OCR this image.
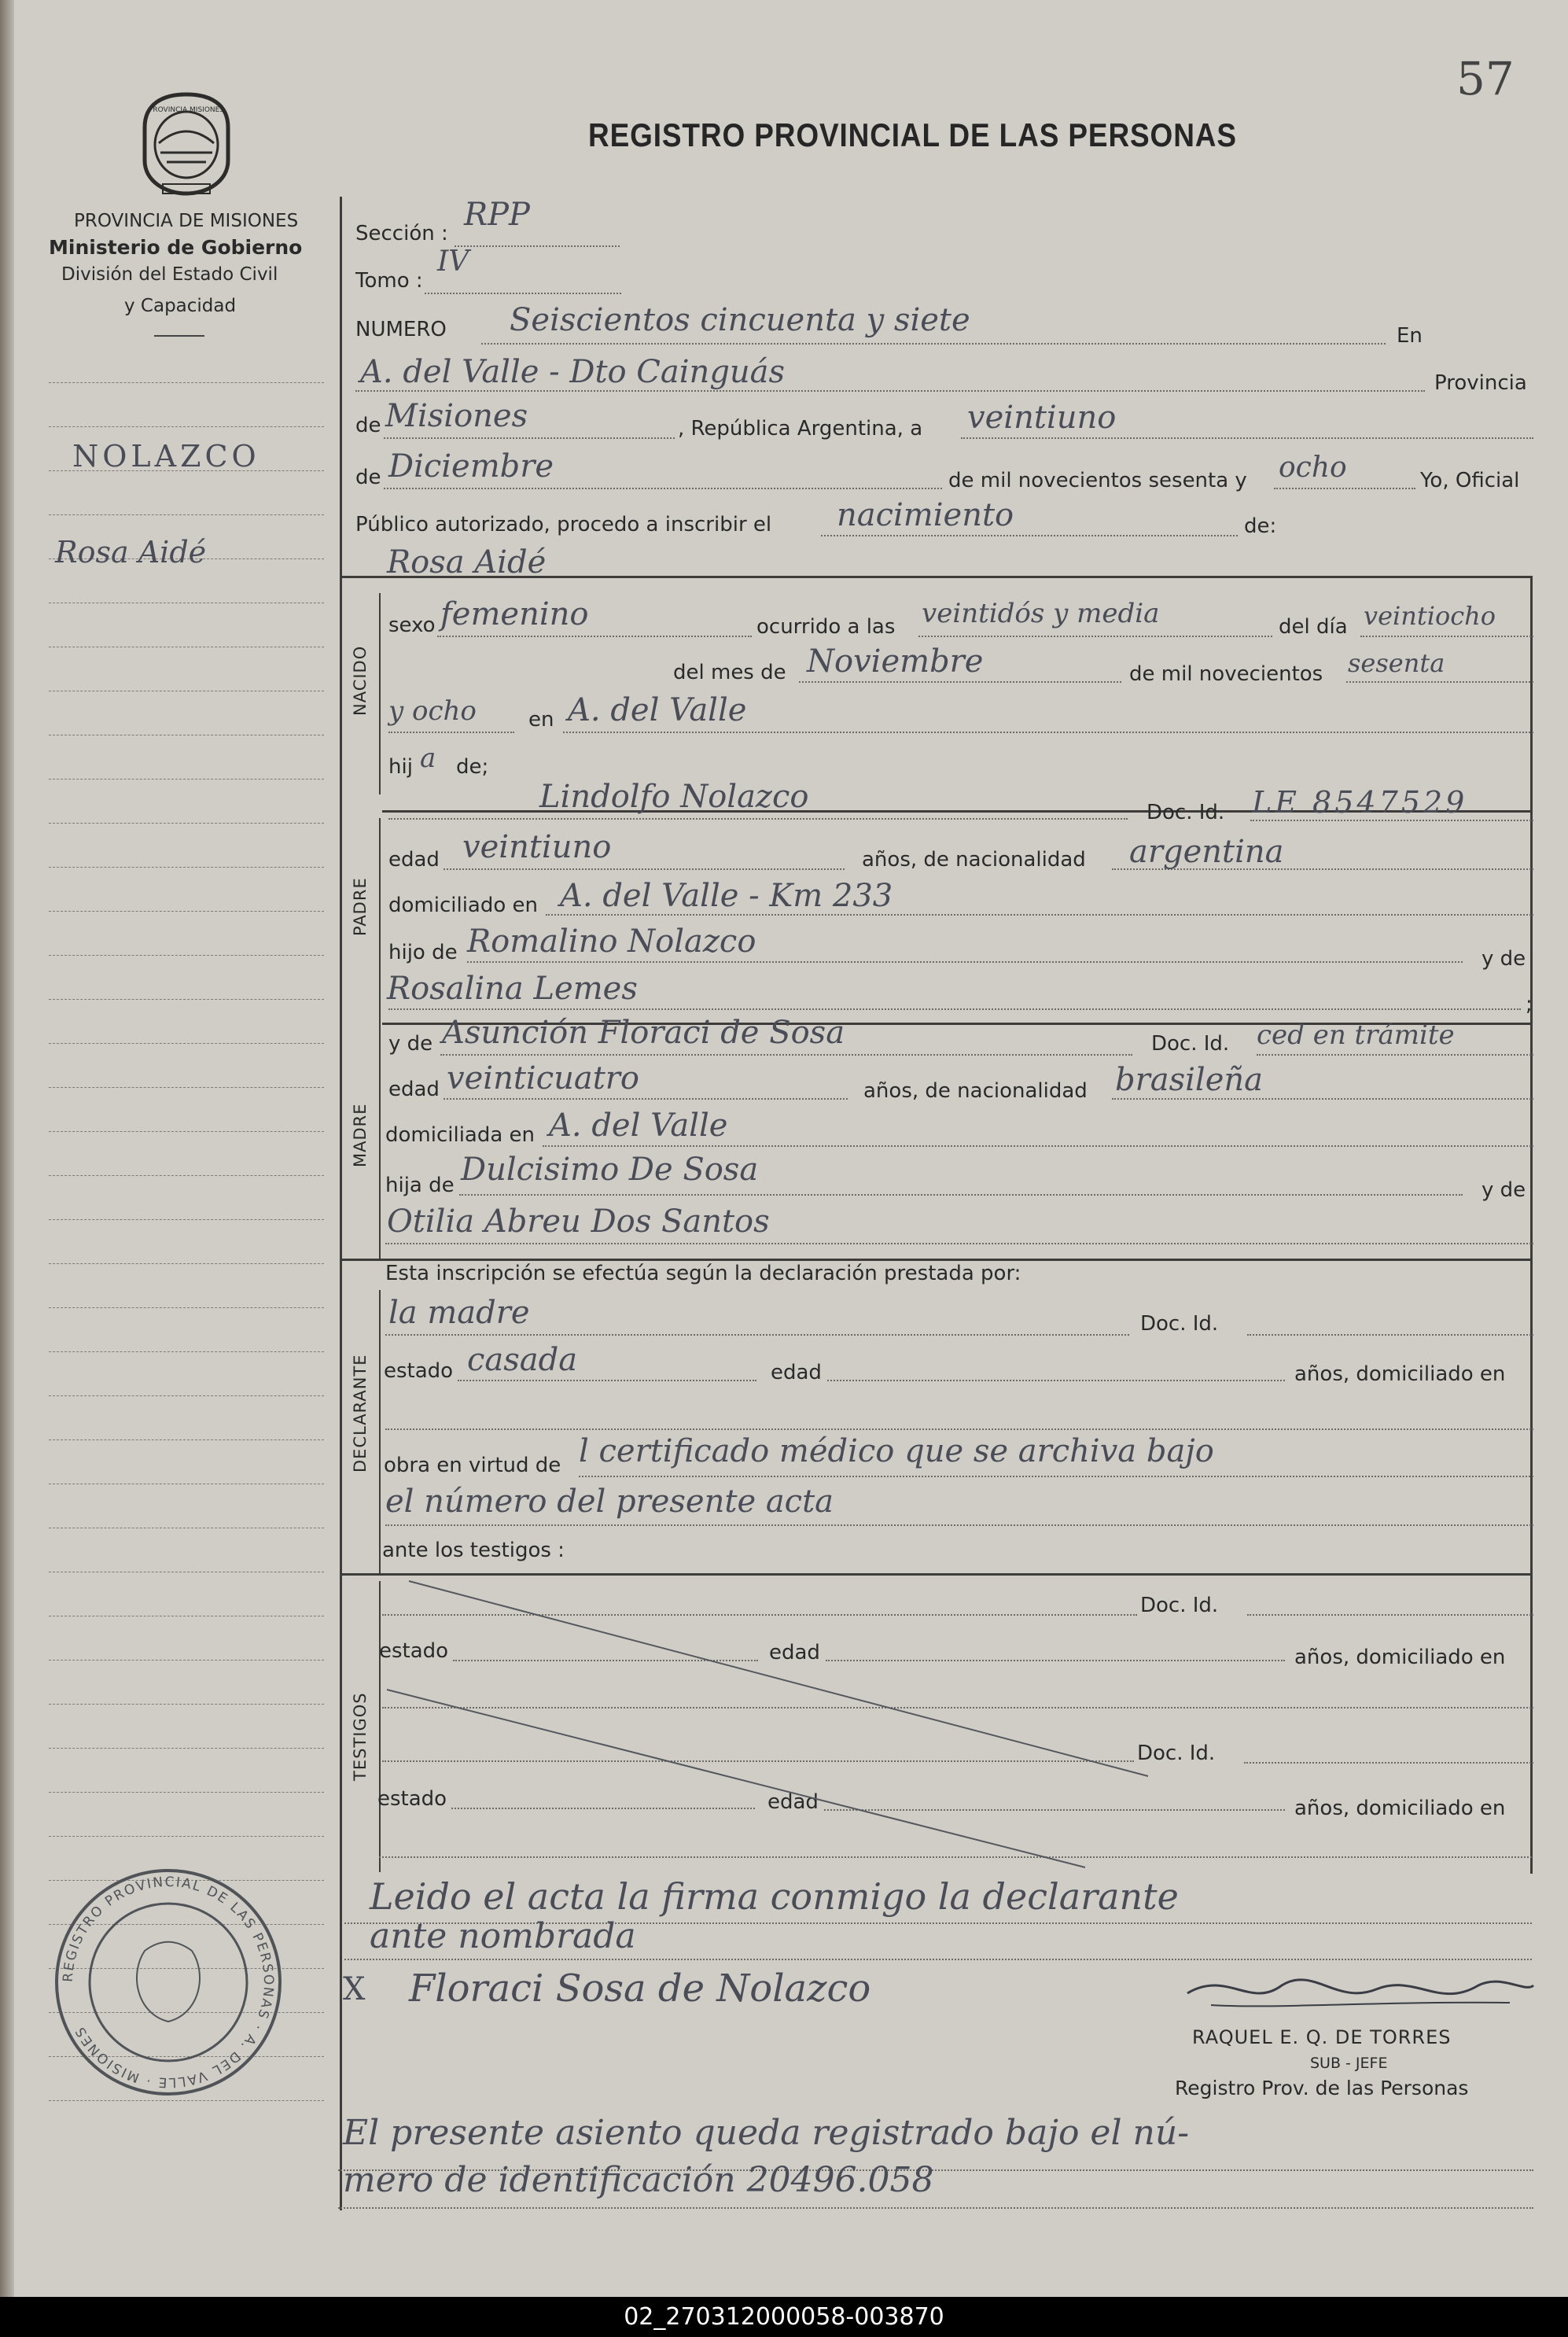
57
REGISTRO PROVINCIAL DE LAS PERSONAS
PROVINCIA MISIONES
PROVINCIA DE MISIONES
Ministerio de Gobierno
División del Estado Civil
y Capacidad
NOLAZCO
Rosa Aidé
Sección :
RPP
Tomo :
IV
NUMERO Seiscientos cincuenta y siete	En
A. del Valle - Dto Cainguás	Provincia
de Misiones	, República Argentina, a veintiuno
de Diciembre	de mil novecientos sesenta y ocho	Yo, Oficial
Público autorizado, procedo a inscribir el nacimiento	de:
Rosa Aidé
NACIDO
sexo femenino	ocurrido a las veintidós y media	del día veintiocho
del mes de Noviembre	de mil novecientos sesenta
y ocho	en A. del Valle
hij a de;
PADRE
Lindolfo Nolazco	Doc. Id. LE 8547529
edad veintiuno	años, de nacionalidad argentina
domiciliado en A. del Valle - Km 233
hijo de Romalino Nolazco	y de
Rosalina Lemes	;
MADRE
y de Asunción Floraci de Sosa	Doc. Id. ced en trámite
edad veinticuatro	años, de nacionalidad brasileña
domiciliada en A. del Valle
hija de Dulcisimo De Sosa
y de
Otilia Abreu Dos Santos
Esta inscripción se efectúa según la declaración prestada por:
DECLARANTE
la madre	Doc. Id.
estado casada	edad	años, domiciliado en
obra en virtud de l certificado médico que se archiva bajo
el número del presente acta
ante los testigos :
TESTIGOS
Doc. Id.
estado	edad	años, domiciliado en
Doc. Id.
estado	edad	años, domiciliado en
Leido el acta la firma conmigo la declarante
ante nombrada
X Floraci Sosa de Nolazco
RAQUEL E. Q. DE TORRES
SUB - JEFE
Registro Prov. de las Personas
El presente asiento queda registrado bajo el nú-
mero de identificación 20496.058
REGISTRO PROVINCIAL DE LAS PERSONAS · A. DEL VALLE · MISIONES
02_270312000058-003870
